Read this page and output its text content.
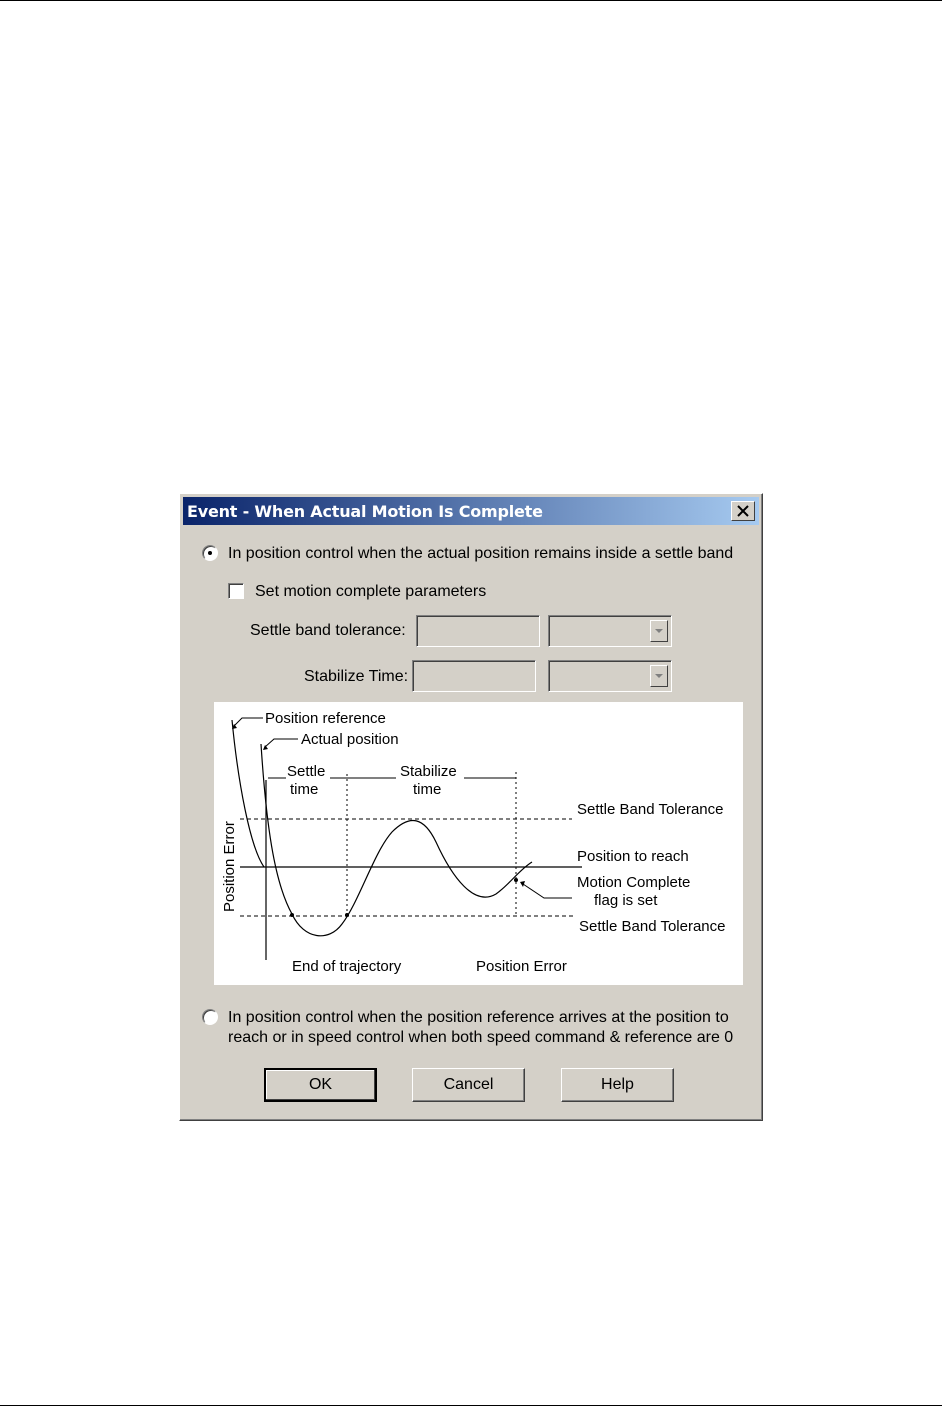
Event - When Actual Motion Is Complete
In position control when the actual position remains inside a settle band
Set motion complete parameters
Settle band tolerance:
Stabilize Time:
Position reference
Actual position
Settle
time
Stabilize
time
Settle Band Tolerance
Position to reach
Motion Complete
flag is set
Settle Band Tolerance
End of trajectory	Position Error
Position Error
In position control when the position reference arrives at the position to
reach or in speed control when both speed command & reference are 0
OK	Cancel	Help
